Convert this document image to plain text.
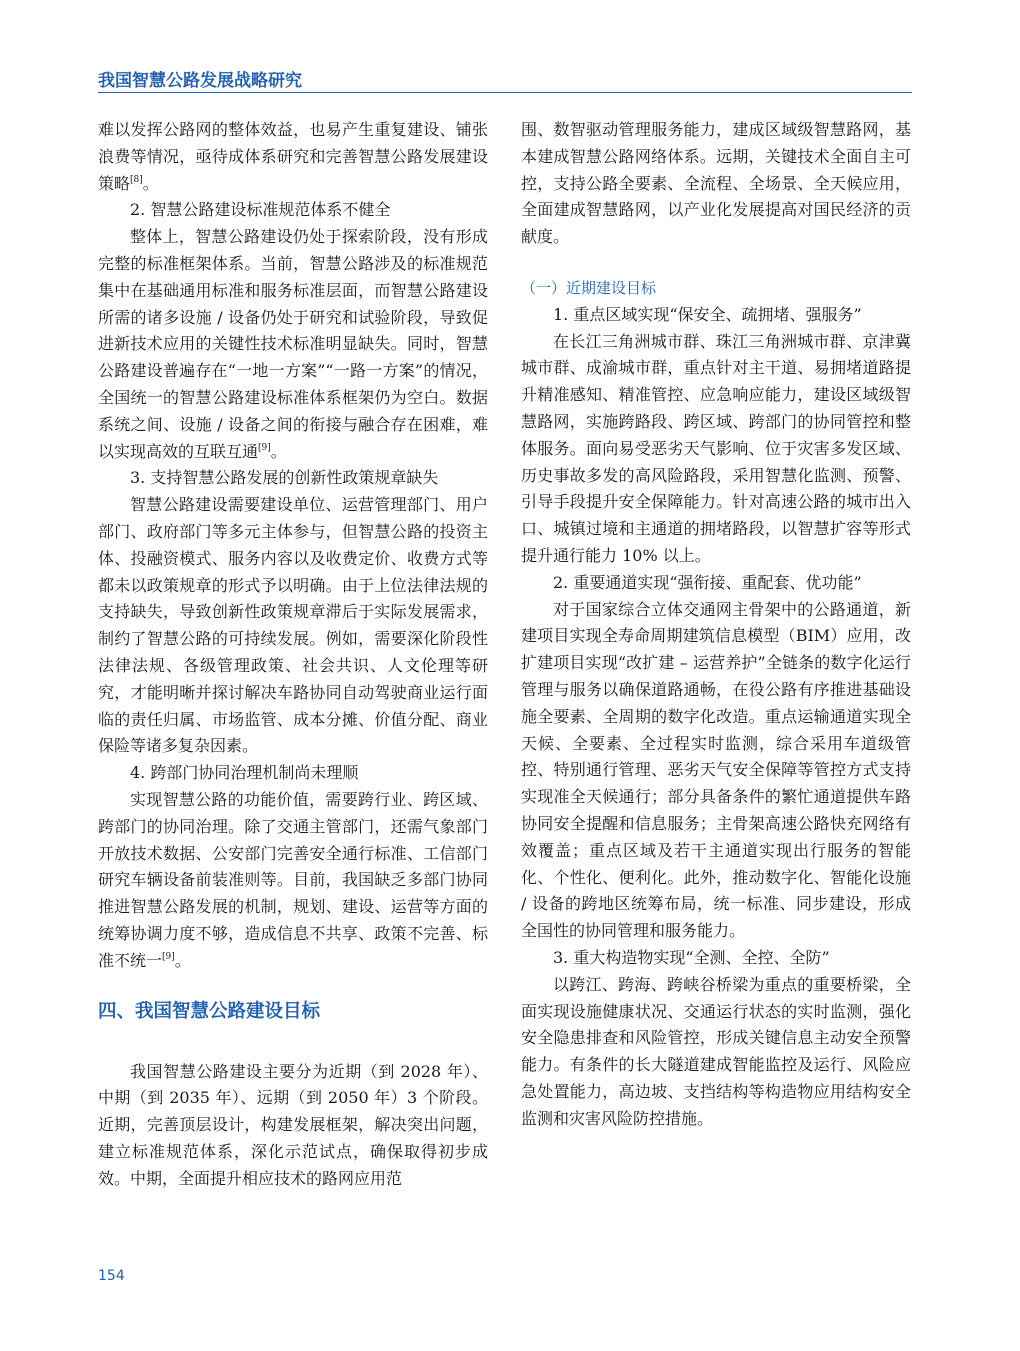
我国智慧公路发展战略研究

难以发挥公路网的整体效益，也易产生重复建设、铺张浪费等情况，亟待成体系研究和完善智慧公路发展建设策略[8]。

2. 智慧公路建设标准规范体系不健全

整体上，智慧公路建设仍处于探索阶段，没有形成完整的标准框架体系。当前，智慧公路涉及的标准规范集中在基础通用标准和服务标准层面，而智慧公路建设所需的诸多设施 / 设备仍处于研究和试验阶段，导致促进新技术应用的关键性技术标准明显缺失。同时，智慧公路建设普遍存在“一地一方案”“一路一方案”的情况，全国统一的智慧公路建设标准体系框架仍为空白。数据系统之间、设施 / 设备之间的衔接与融合存在困难，难以实现高效的互联互通[9]。

3. 支持智慧公路发展的创新性政策规章缺失

智慧公路建设需要建设单位、运营管理部门、用户部门、政府部门等多元主体参与，但智慧公路的投资主体、投融资模式、服务内容以及收费定价、收费方式等都未以政策规章的形式予以明确。由于上位法律法规的支持缺失，导致创新性政策规章滞后于实际发展需求，制约了智慧公路的可持续发展。例如，需要深化阶段性法律法规、各级管理政策、社会共识、人文伦理等研究，才能明晰并探讨解决车路协同自动驾驶商业运行面临的责任归属、市场监管、成本分摊、价值分配、商业保险等诸多复杂因素。

4. 跨部门协同治理机制尚未理顺

实现智慧公路的功能价值，需要跨行业、跨区域、跨部门的协同治理。除了交通主管部门，还需气象部门开放技术数据、公安部门完善安全通行标准、工信部门研究车辆设备前装准则等。目前，我国缺乏多部门协同推进智慧公路发展的机制，规划、建设、运营等方面的统筹协调力度不够，造成信息不共享、政策不完善、标准不统一[9]。

四、我国智慧公路建设目标

我国智慧公路建设主要分为近期（到 2028 年）、中期（到 2035 年）、远期（到 2050 年）3 个阶段。近期，完善顶层设计，构建发展框架，解决突出问题，建立标准规范体系，深化示范试点，确保取得初步成效。中期，全面提升相应技术的路网应用范

围、数智驱动管理服务能力，建成区域级智慧路网，基本建成智慧公路网络体系。远期，关键技术全面自主可控，支持公路全要素、全流程、全场景、全天候应用，全面建成智慧路网，以产业化发展提高对国民经济的贡献度。

（一）近期建设目标

1. 重点区域实现“保安全、疏拥堵、强服务”

在长江三角洲城市群、珠江三角洲城市群、京津冀城市群、成渝城市群，重点针对主干道、易拥堵道路提升精准感知、精准管控、应急响应能力，建设区域级智慧路网，实施跨路段、跨区域、跨部门的协同管控和整体服务。面向易受恶劣天气影响、位于灾害多发区域、历史事故多发的高风险路段，采用智慧化监测、预警、引导手段提升安全保障能力。针对高速公路的城市出入口、城镇过境和主通道的拥堵路段，以智慧扩容等形式提升通行能力 10% 以上。

2. 重要通道实现“强衔接、重配套、优功能”

对于国家综合立体交通网主骨架中的公路通道，新建项目实现全寿命周期建筑信息模型（BIM）应用，改扩建项目实现“改扩建 – 运营养护”全链条的数字化运行管理与服务以确保道路通畅，在役公路有序推进基础设施全要素、全周期的数字化改造。重点运输通道实现全天候、全要素、全过程实时监测，综合采用车道级管控、特别通行管理、恶劣天气安全保障等管控方式支持实现准全天候通行；部分具备条件的繁忙通道提供车路协同安全提醒和信息服务；主骨架高速公路快充网络有效覆盖；重点区域及若干主通道实现出行服务的智能化、个性化、便利化。此外，推动数字化、智能化设施 / 设备的跨地区统筹布局，统一标准、同步建设，形成全国性的协同管理和服务能力。

3. 重大构造物实现“全测、全控、全防”

以跨江、跨海、跨峡谷桥梁为重点的重要桥梁，全面实现设施健康状况、交通运行状态的实时监测，强化安全隐患排查和风险管控，形成关键信息主动安全预警能力。有条件的长大隧道建成智能监控及运行、风险应急处置能力，高边坡、支挡结构等构造物应用结构安全监测和灾害风险防控措施。

154
